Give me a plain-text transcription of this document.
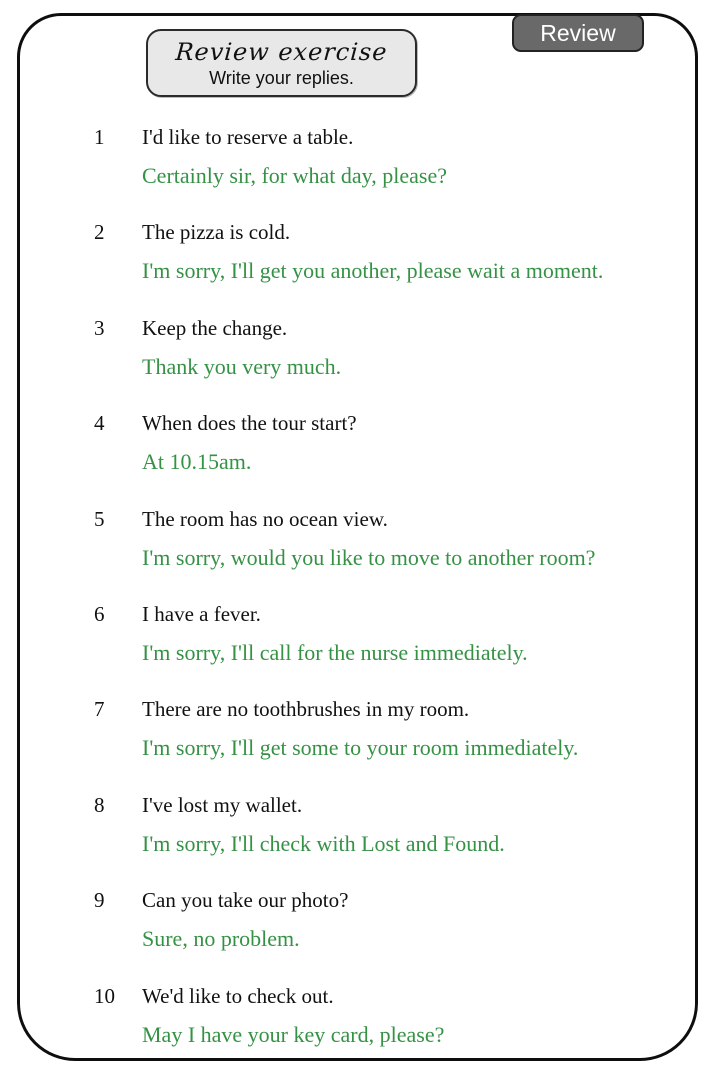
Review
Review exercise
Write your replies.
1	I'd like to reserve a table.
Certainly sir, for what day, please?
2	The pizza is cold.
I'm sorry, I'll get you another, please wait a moment.
3	Keep the change.
Thank you very much.
4	When does the tour start?
At 10.15am.
5	The room has no ocean view.
I'm sorry, would you like to move to another room?
6	I have a fever.
I'm sorry, I'll call for the nurse immediately.
7	There are no toothbrushes in my room.
I'm sorry, I'll get some to your room immediately.
8	I've lost my wallet.
I'm sorry, I'll check with Lost and Found.
9	Can you take our photo?
Sure, no problem.
10	We'd like to check out.
May I have your key card, please?
